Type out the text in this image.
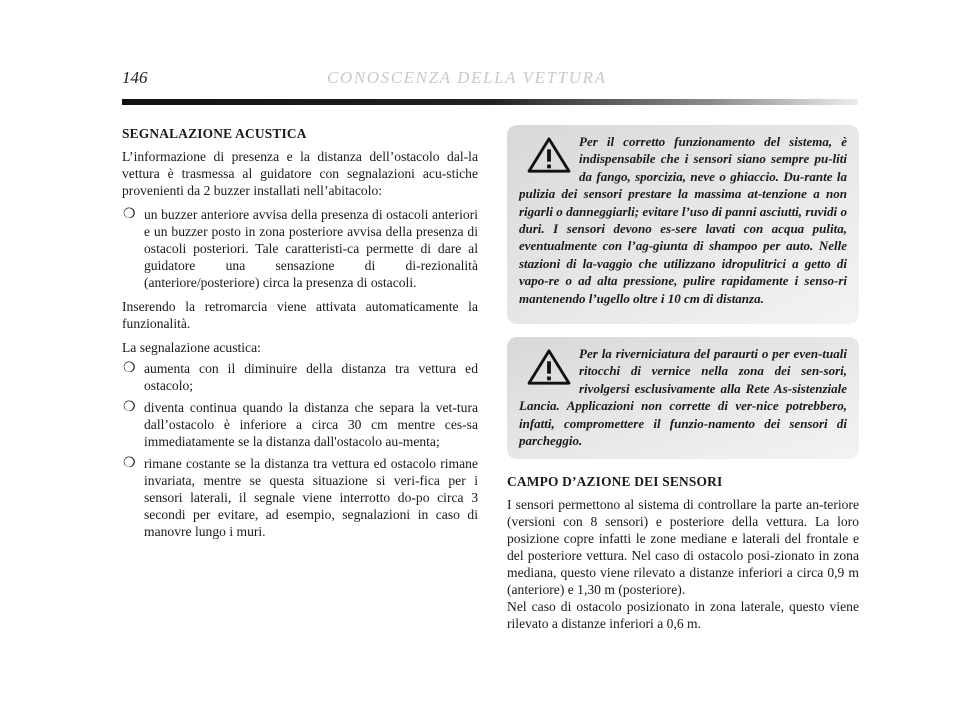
146	CONOSCENZA DELLA VETTURA
SEGNALAZIONE ACUSTICA

L’informazione di presenza e la distanza dell’ostacolo dal-la vettura è trasmessa al guidatore con segnalazioni acu-stiche provenienti da 2 buzzer installati nell’abitacolo:

❍ un buzzer anteriore avvisa della presenza di ostacoli anteriori e un buzzer posto in zona posteriore avvisa della presenza di ostacoli posteriori. Tale caratteristi-ca permette di dare al guidatore una sensazione di di-rezionalità (anteriore/posteriore) circa la presenza di ostacoli.

Inserendo la retromarcia viene attivata automaticamente la funzionalità.

La segnalazione acustica:

❍ aumenta con il diminuire della distanza tra vettura ed ostacolo;
❍ diventa continua quando la distanza che separa la vet-tura dall’ostacolo è inferiore a circa 30 cm mentre ces-sa immediatamente se la distanza dall'ostacolo au-menta;
❍ rimane costante se la distanza tra vettura ed ostacolo rimane invariata, mentre se questa situazione si veri-fica per i sensori laterali, il segnale viene interrotto do-po circa 3 secondi per evitare, ad esempio, segnalazioni in caso di manovre lungo i muri.
Per il corretto funzionamento del sistema, è indispensabile che i sensori siano sempre pu-liti da fango, sporcizia, neve o ghiaccio. Du-rante la pulizia dei sensori prestare la massima at-tenzione a non rigarli o danneggiarli; evitare l’uso di panni asciutti, ruvidi o duri. I sensori devono es-sere lavati con acqua pulita, eventualmente con l’ag-giunta di shampoo per auto. Nelle stazioni di la-vaggio che utilizzano idropulitrici a getto di vapo-re o ad alta pressione, pulire rapidamente i senso-ri mantenendo l’ugello oltre i 10 cm di distanza.
Per la riverniciatura del paraurti o per even-tuali ritocchi di vernice nella zona dei sen-sori, rivolgersi esclusivamente alla Rete As-sistenziale Lancia. Applicazioni non corrette di ver-nice potrebbero, infatti, compromettere il funzio-namento dei sensori di parcheggio.
CAMPO D’AZIONE DEI SENSORI

I sensori permettono al sistema di controllare la parte an-teriore (versioni con 8 sensori) e posteriore della vettura. La loro posizione copre infatti le zone mediane e laterali del frontale e del posteriore vettura. Nel caso di ostacolo posi-zionato in zona mediana, questo viene rilevato a distanze inferiori a circa 0,9 m (anteriore) e 1,30 m (posteriore).

Nel caso di ostacolo posizionato in zona laterale, questo viene rilevato a distanze inferiori a 0,6 m.
